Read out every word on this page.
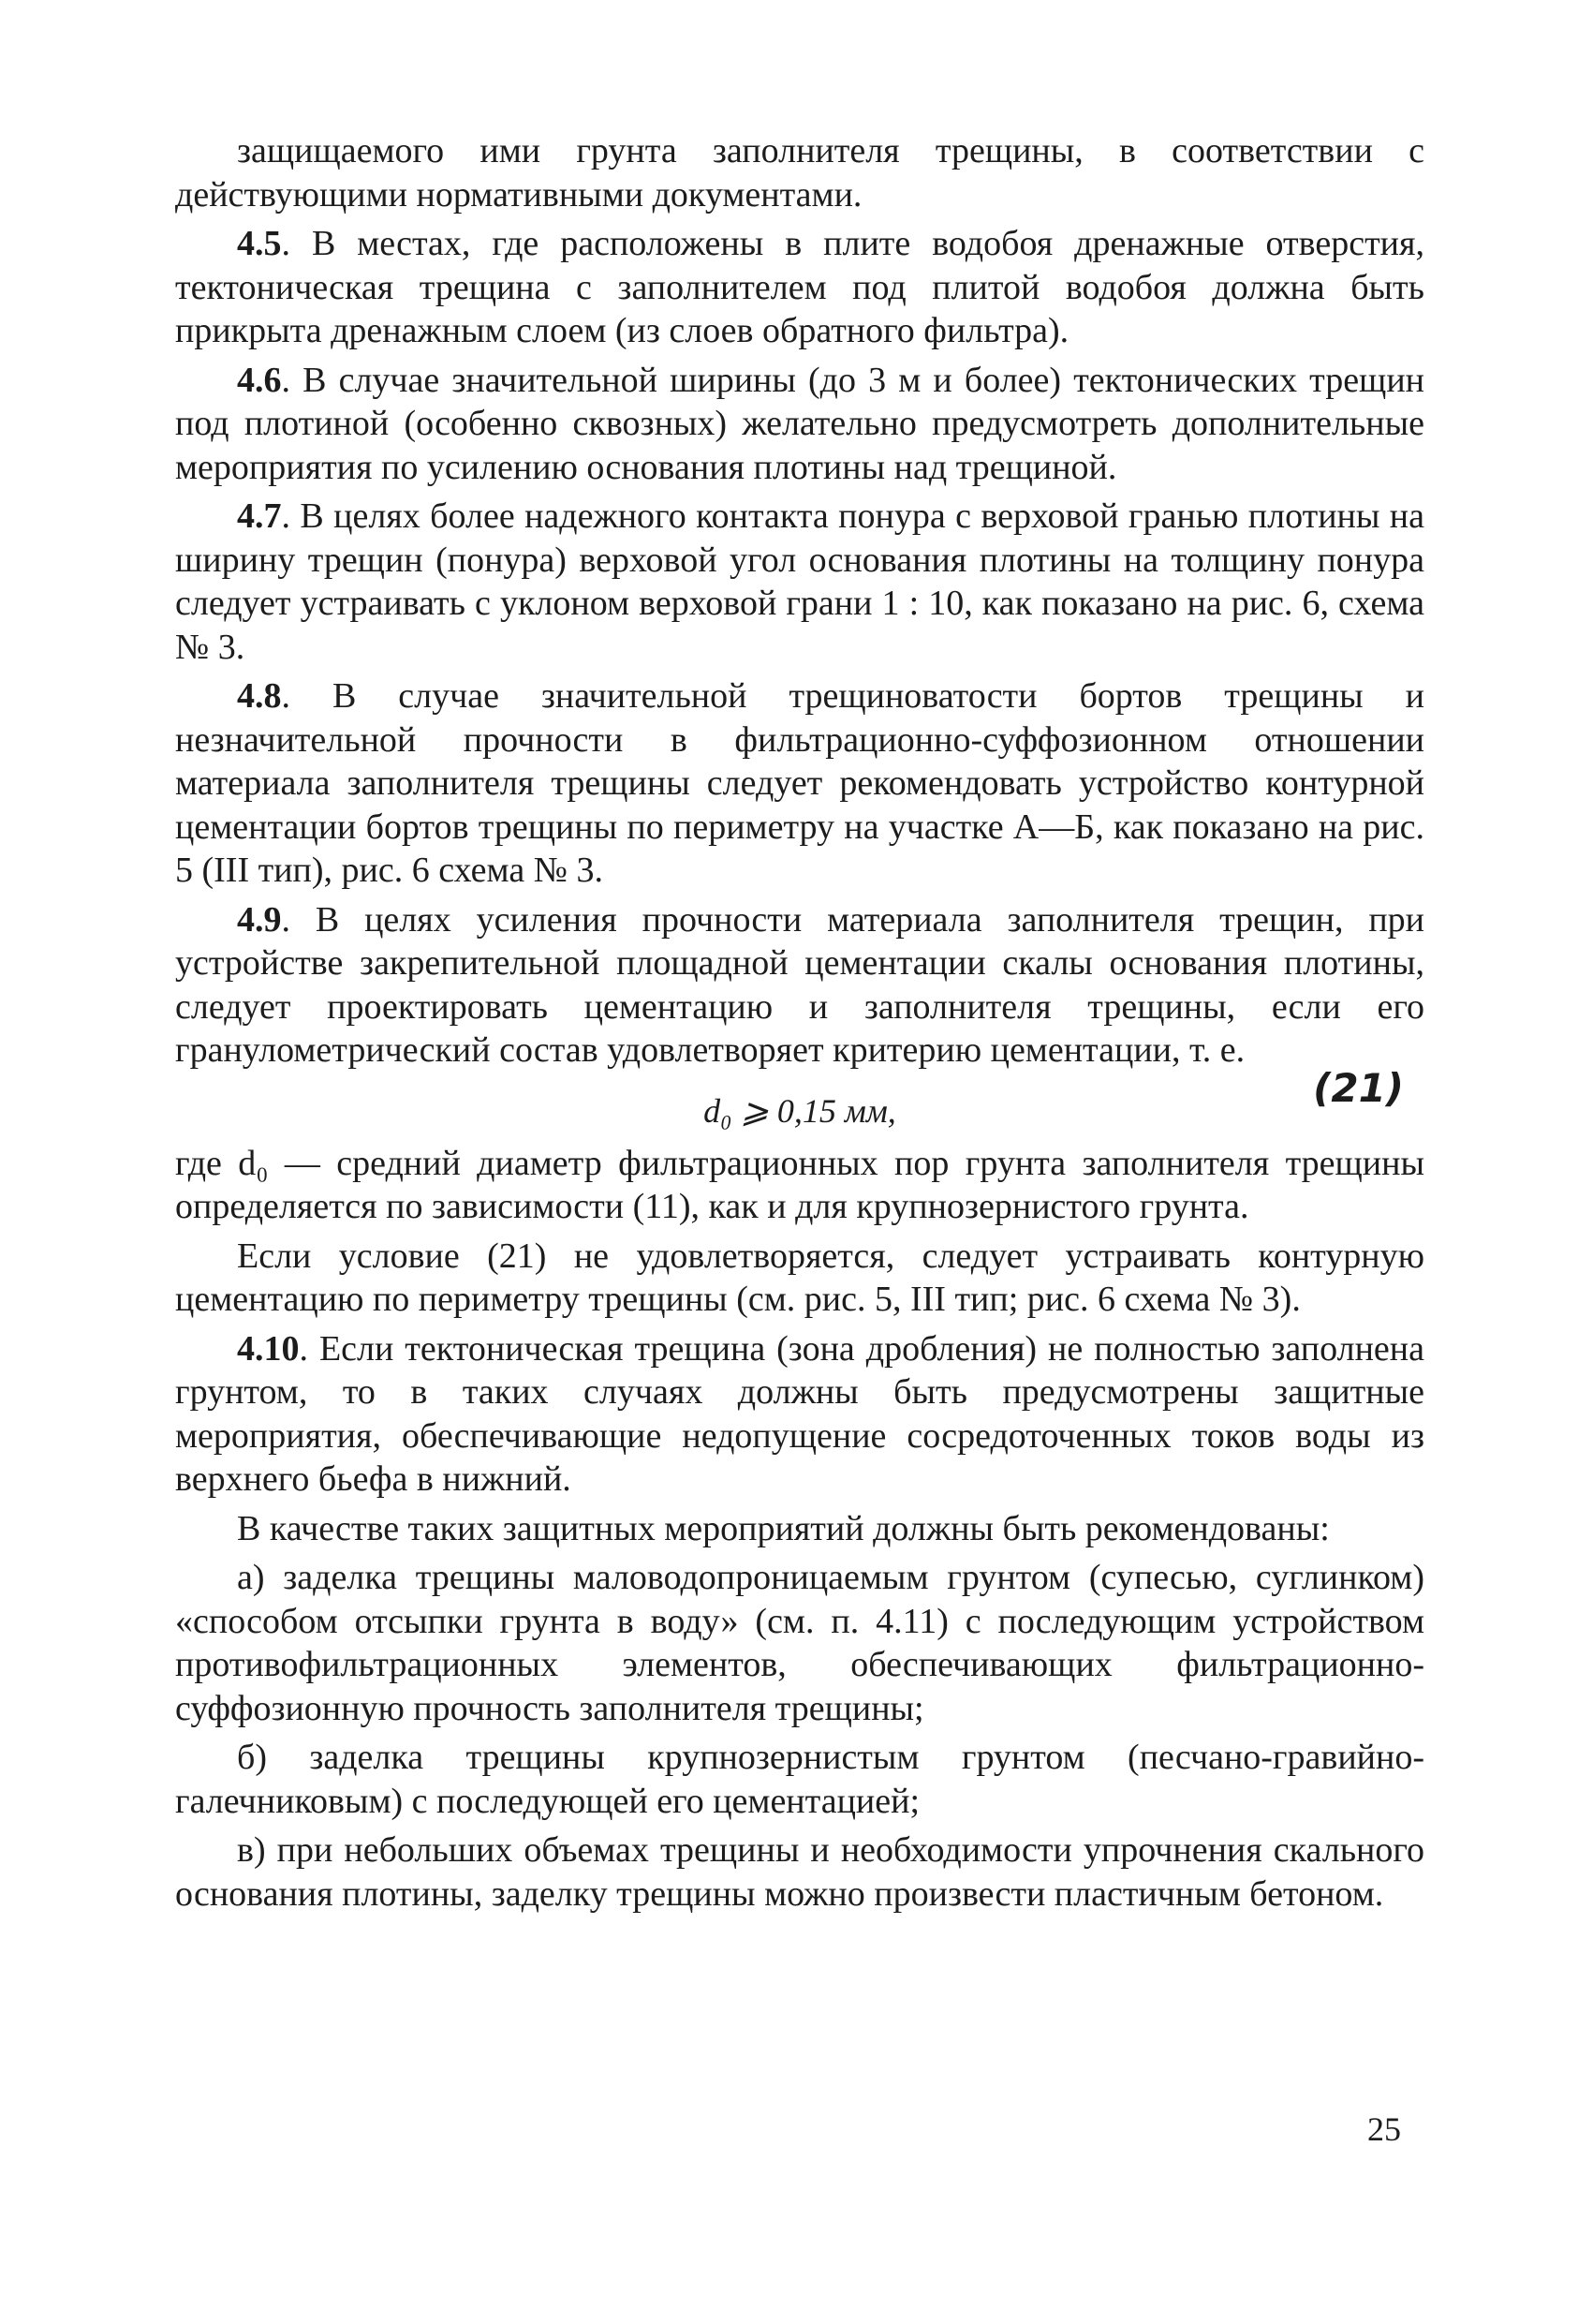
защищаемого ими грунта заполнителя трещины, в соответствии с действующими нормативными документами.

4.5. В местах, где расположены в плите водобоя дренажные отверстия, тектоническая трещина с заполнителем под плитой водобоя должна быть прикрыта дренажным слоем (из слоев обратного фильтра).

4.6. В случае значительной ширины (до 3 м и более) тектонических трещин под плотиной (особенно сквозных) желательно предусмотреть дополнительные мероприятия по усилению основания плотины над трещиной.

4.7. В целях более надежного контакта понура с верховой гранью плотины на ширину трещин (понура) верховой угол основания плотины на толщину понура следует устраивать с уклоном верховой грани 1 : 10, как показано на рис. 6, схема № 3.

4.8. В случае значительной трещиноватости бортов трещины и незначительной прочности в фильтрационно-суффозионном отношении материала заполнителя трещины следует рекомендовать устройство контурной цементации бортов трещины по периметру на участке А—Б, как показано на рис. 5 (III тип), рис. 6 схема № 3.

4.9. В целях усиления прочности материала заполнителя трещин, при устройстве закрепительной площадной цементации скалы основания плотины, следует проектировать цементацию и заполнителя трещины, если его гранулометрический состав удовлетворяет критерию цементации, т. е.

d₀ ⩾ 0,15 мм,	(21)

где d₀ — средний диаметр фильтрационных пор грунта заполнителя трещины определяется по зависимости (11), как и для крупнозернистого грунта.

Если условие (21) не удовлетворяется, следует устраивать контурную цементацию по периметру трещины (см. рис. 5, III тип; рис. 6 схема № 3).

4.10. Если тектоническая трещина (зона дробления) не полностью заполнена грунтом, то в таких случаях должны быть предусмотрены защитные мероприятия, обеспечивающие недопущение сосредоточенных токов воды из верхнего бьефа в нижний.

В качестве таких защитных мероприятий должны быть рекомендованы:

а) заделка трещины маловодопроницаемым грунтом (супесью, суглинком) «способом отсыпки грунта в воду» (см. п. 4.11) с последующим устройством противофильтрационных элементов, обеспечивающих фильтрационно-суффозионную прочность заполнителя трещины;

б) заделка трещины крупнозернистым грунтом (песчано-гравийно-галечниковым) с последующей его цементацией;

в) при небольших объемах трещины и необходимости упрочнения скального основания плотины, заделку трещины можно произвести пластичным бетоном.

25
